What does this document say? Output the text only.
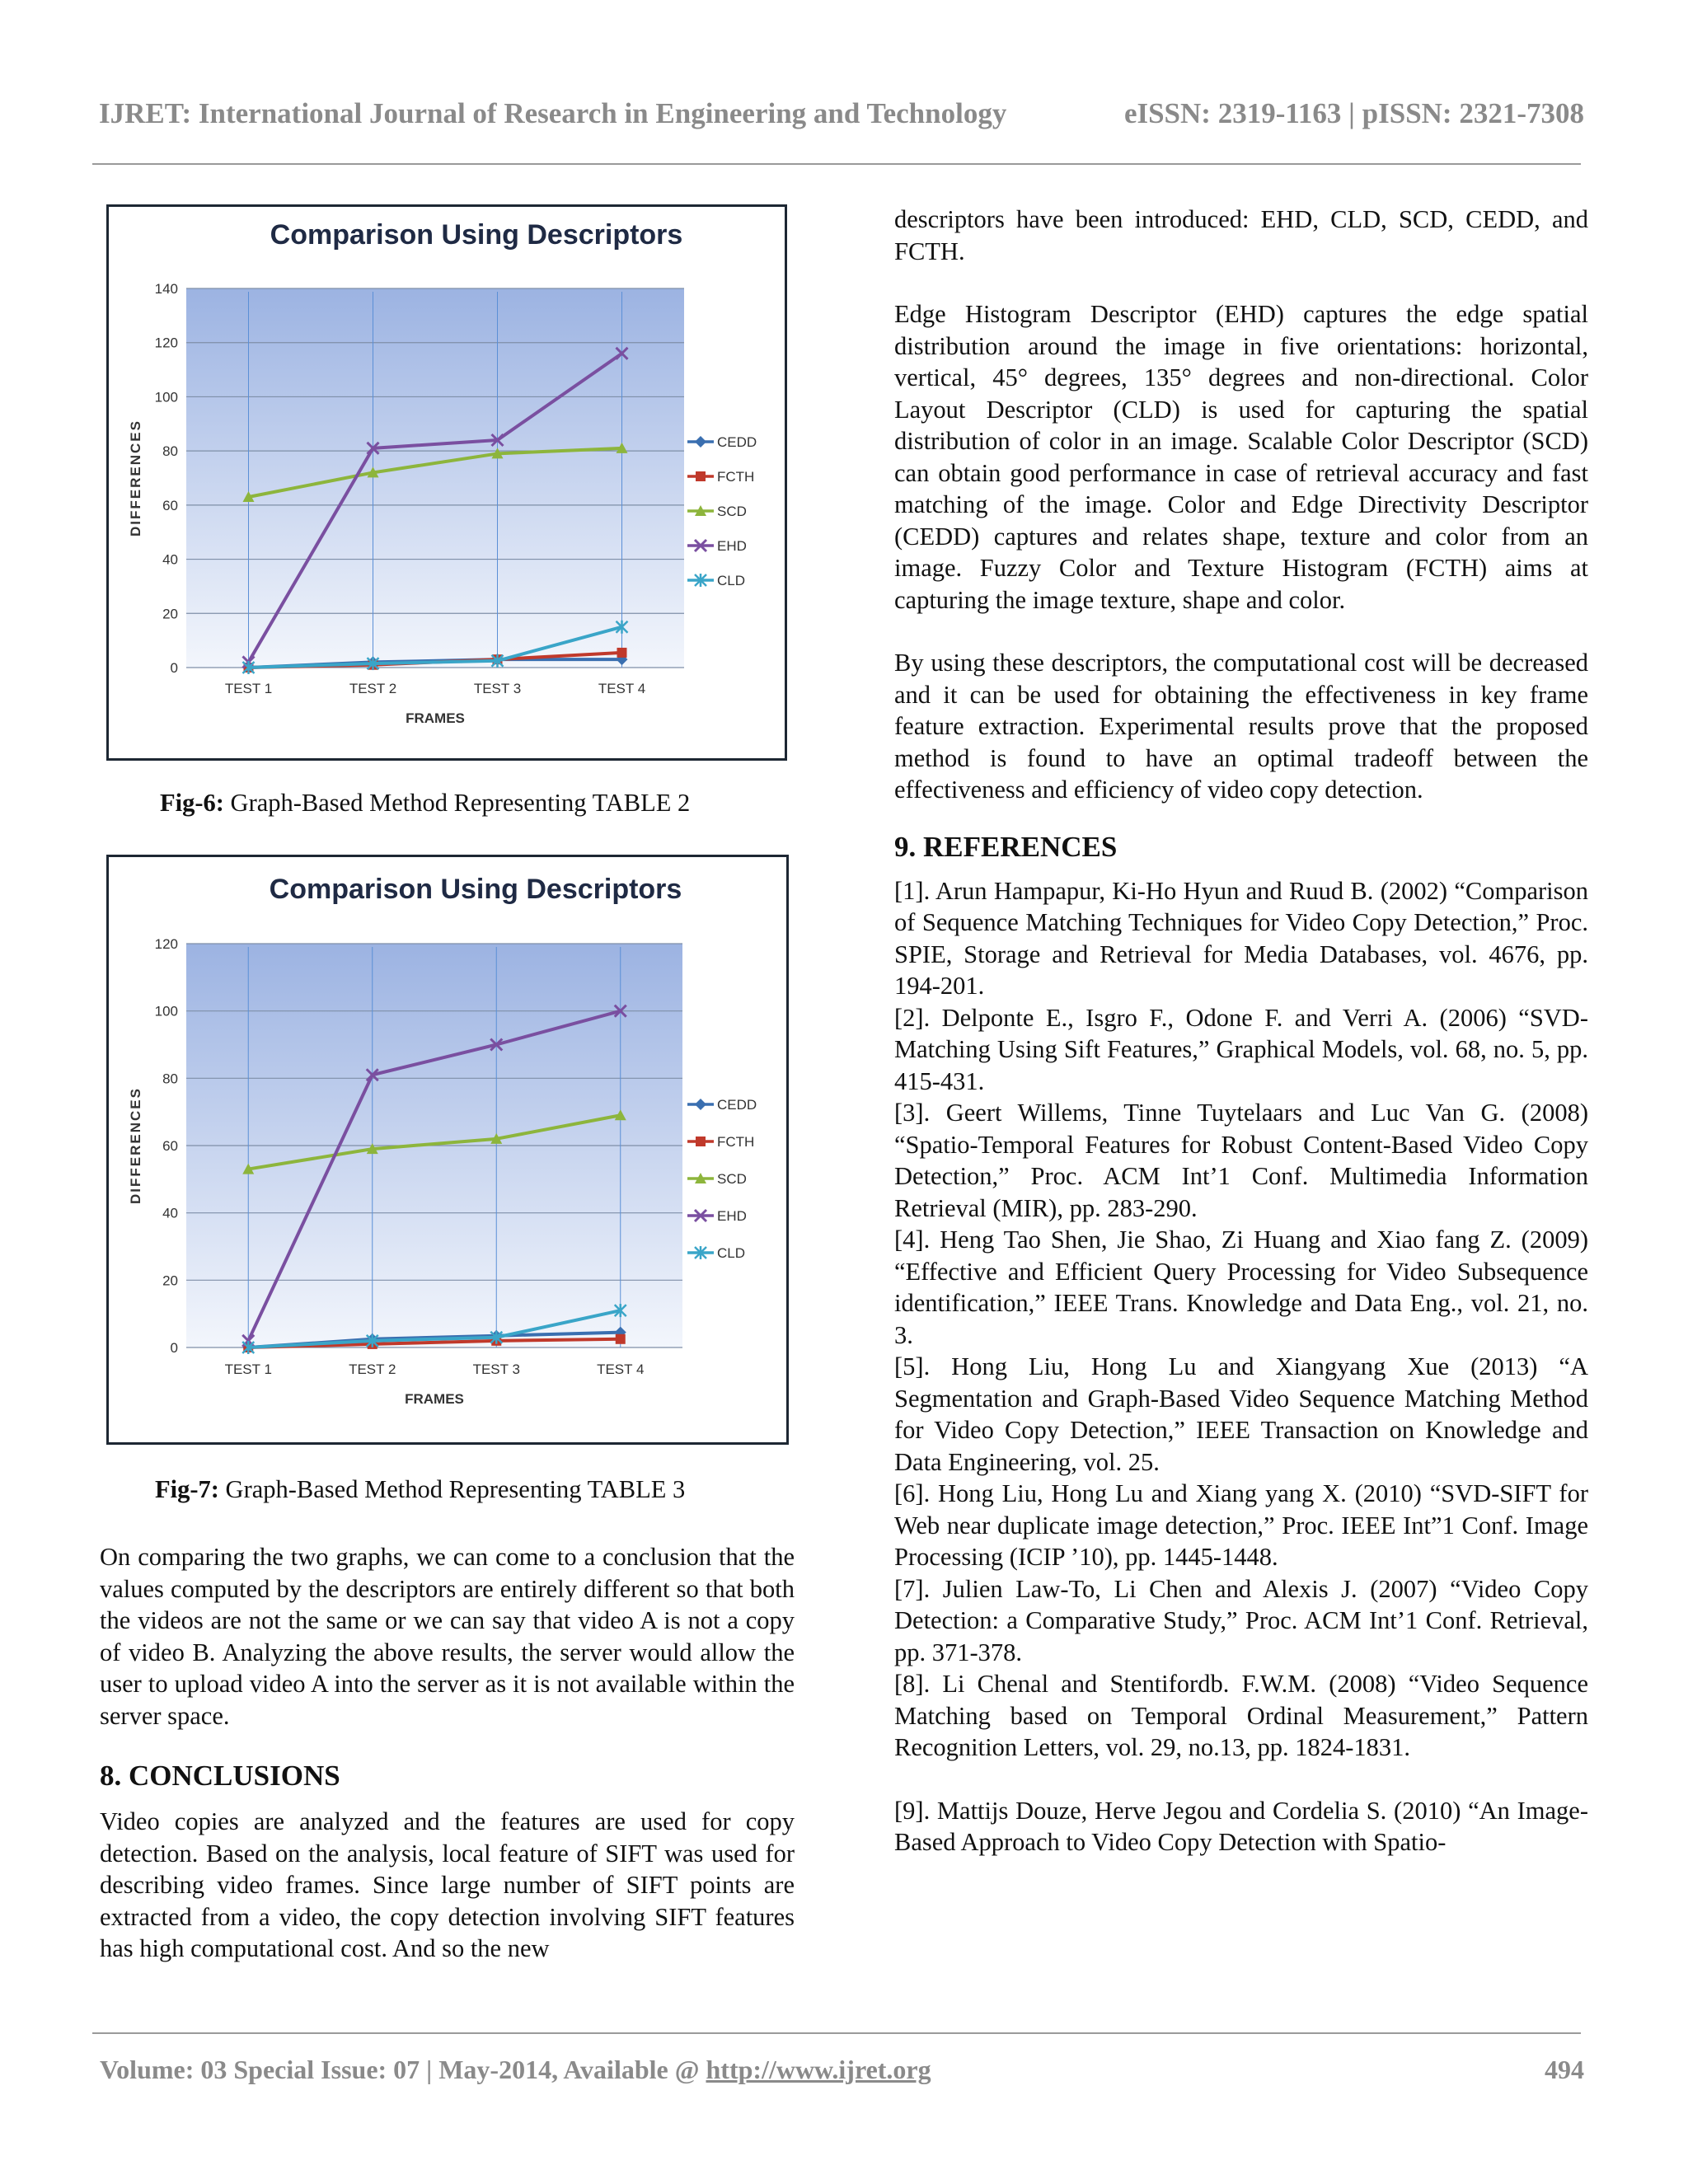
IJRET: International Journal of Research in Engineering and Technology	eISSN: 2319-1163 | pISSN: 2321-7308
Comparison Using Descriptors
0
20
40
60
80
100
120
140
TEST 1	TEST 2	TEST 3	TEST 4
FRAMES
DIFFERENCES	CEDD
FCTH
SCD
EHD
CLD
Fig-6: Graph-Based Method Representing TABLE 2
Comparison Using Descriptors
0
20
40
60
80
100
120
TEST 1	TEST 2	TEST 3	TEST 4
FRAMES
DIFFERENCES	CEDD
FCTH
SCD
EHD
CLD
Fig-7: Graph-Based Method Representing TABLE 3

On comparing the two graphs, we can come to a conclusion that the values computed by the descriptors are entirely different so that both the videos are not the same or we can say that video A is not a copy of video B. Analyzing the above results, the server would allow the user to upload video A into the server as it is not available within the server space.

8. CONCLUSIONS

Video copies are analyzed and the features are used for copy detection. Based on the analysis, local feature of SIFT was used for describing video frames. Since large number of SIFT points are extracted from a video, the copy detection involving SIFT features has high computational cost. And so the new

descriptors have been introduced: EHD, CLD, SCD, CEDD, and FCTH.

Edge Histogram Descriptor (EHD) captures the edge spatial distribution around the image in five orientations: horizontal, vertical, 45° degrees, 135° degrees and non-directional. Color Layout Descriptor (CLD) is used for capturing the spatial distribution of color in an image. Scalable Color Descriptor (SCD) can obtain good performance in case of retrieval accuracy and fast matching of the image. Color and Edge Directivity Descriptor (CEDD) captures and relates shape, texture and color from an image. Fuzzy Color and Texture Histogram (FCTH) aims at capturing the image texture, shape and color.

By using these descriptors, the computational cost will be decreased and it can be used for obtaining the effectiveness in key frame feature extraction. Experimental results prove that the proposed method is found to have an optimal tradeoff between the effectiveness and efficiency of video copy detection.

9. REFERENCES

[1]. Arun Hampapur, Ki-Ho Hyun and Ruud B. (2002) “Comparison of Sequence Matching Techniques for Video Copy Detection,” Proc. SPIE, Storage and Retrieval for Media Databases, vol. 4676, pp. 194-201.

[2]. Delponte E., Isgro F., Odone F. and Verri A. (2006) “SVD-Matching Using Sift Features,” Graphical Models, vol. 68, no. 5, pp. 415-431.

[3]. Geert Willems, Tinne Tuytelaars and Luc Van G. (2008) “Spatio-Temporal Features for Robust Content-Based Video Copy Detection,” Proc. ACM Int’1 Conf. Multimedia Information Retrieval (MIR), pp. 283-290.

[4]. Heng Tao Shen, Jie Shao, Zi Huang and Xiao fang Z. (2009) “Effective and Efficient Query Processing for Video Subsequence identification,” IEEE Trans. Knowledge and Data Eng., vol. 21, no. 3.

[5]. Hong Liu, Hong Lu and Xiangyang Xue (2013) “A Segmentation and Graph-Based Video Sequence Matching Method for Video Copy Detection,” IEEE Transaction on Knowledge and Data Engineering, vol. 25.

[6]. Hong Liu, Hong Lu and Xiang yang X. (2010) “SVD-SIFT for Web near duplicate image detection,” Proc. IEEE Int”1 Conf. Image Processing (ICIP ’10), pp. 1445-1448.

[7]. Julien Law-To, Li Chen and Alexis J. (2007) “Video Copy Detection: a Comparative Study,” Proc. ACM Int’1 Conf. Retrieval, pp. 371-378.

[8]. Li Chenal and Stentifordb. F.W.M. (2008) “Video Sequence Matching based on Temporal Ordinal Measurement,” Pattern Recognition Letters, vol. 29, no.13, pp. 1824-1831.

[9]. Mattijs Douze, Herve Jegou and Cordelia S. (2010) “An Image-Based Approach to Video Copy Detection with Spatio-

Volume: 03 Special Issue: 07 | May-2014, Available @ http://www.ijret.org	494
